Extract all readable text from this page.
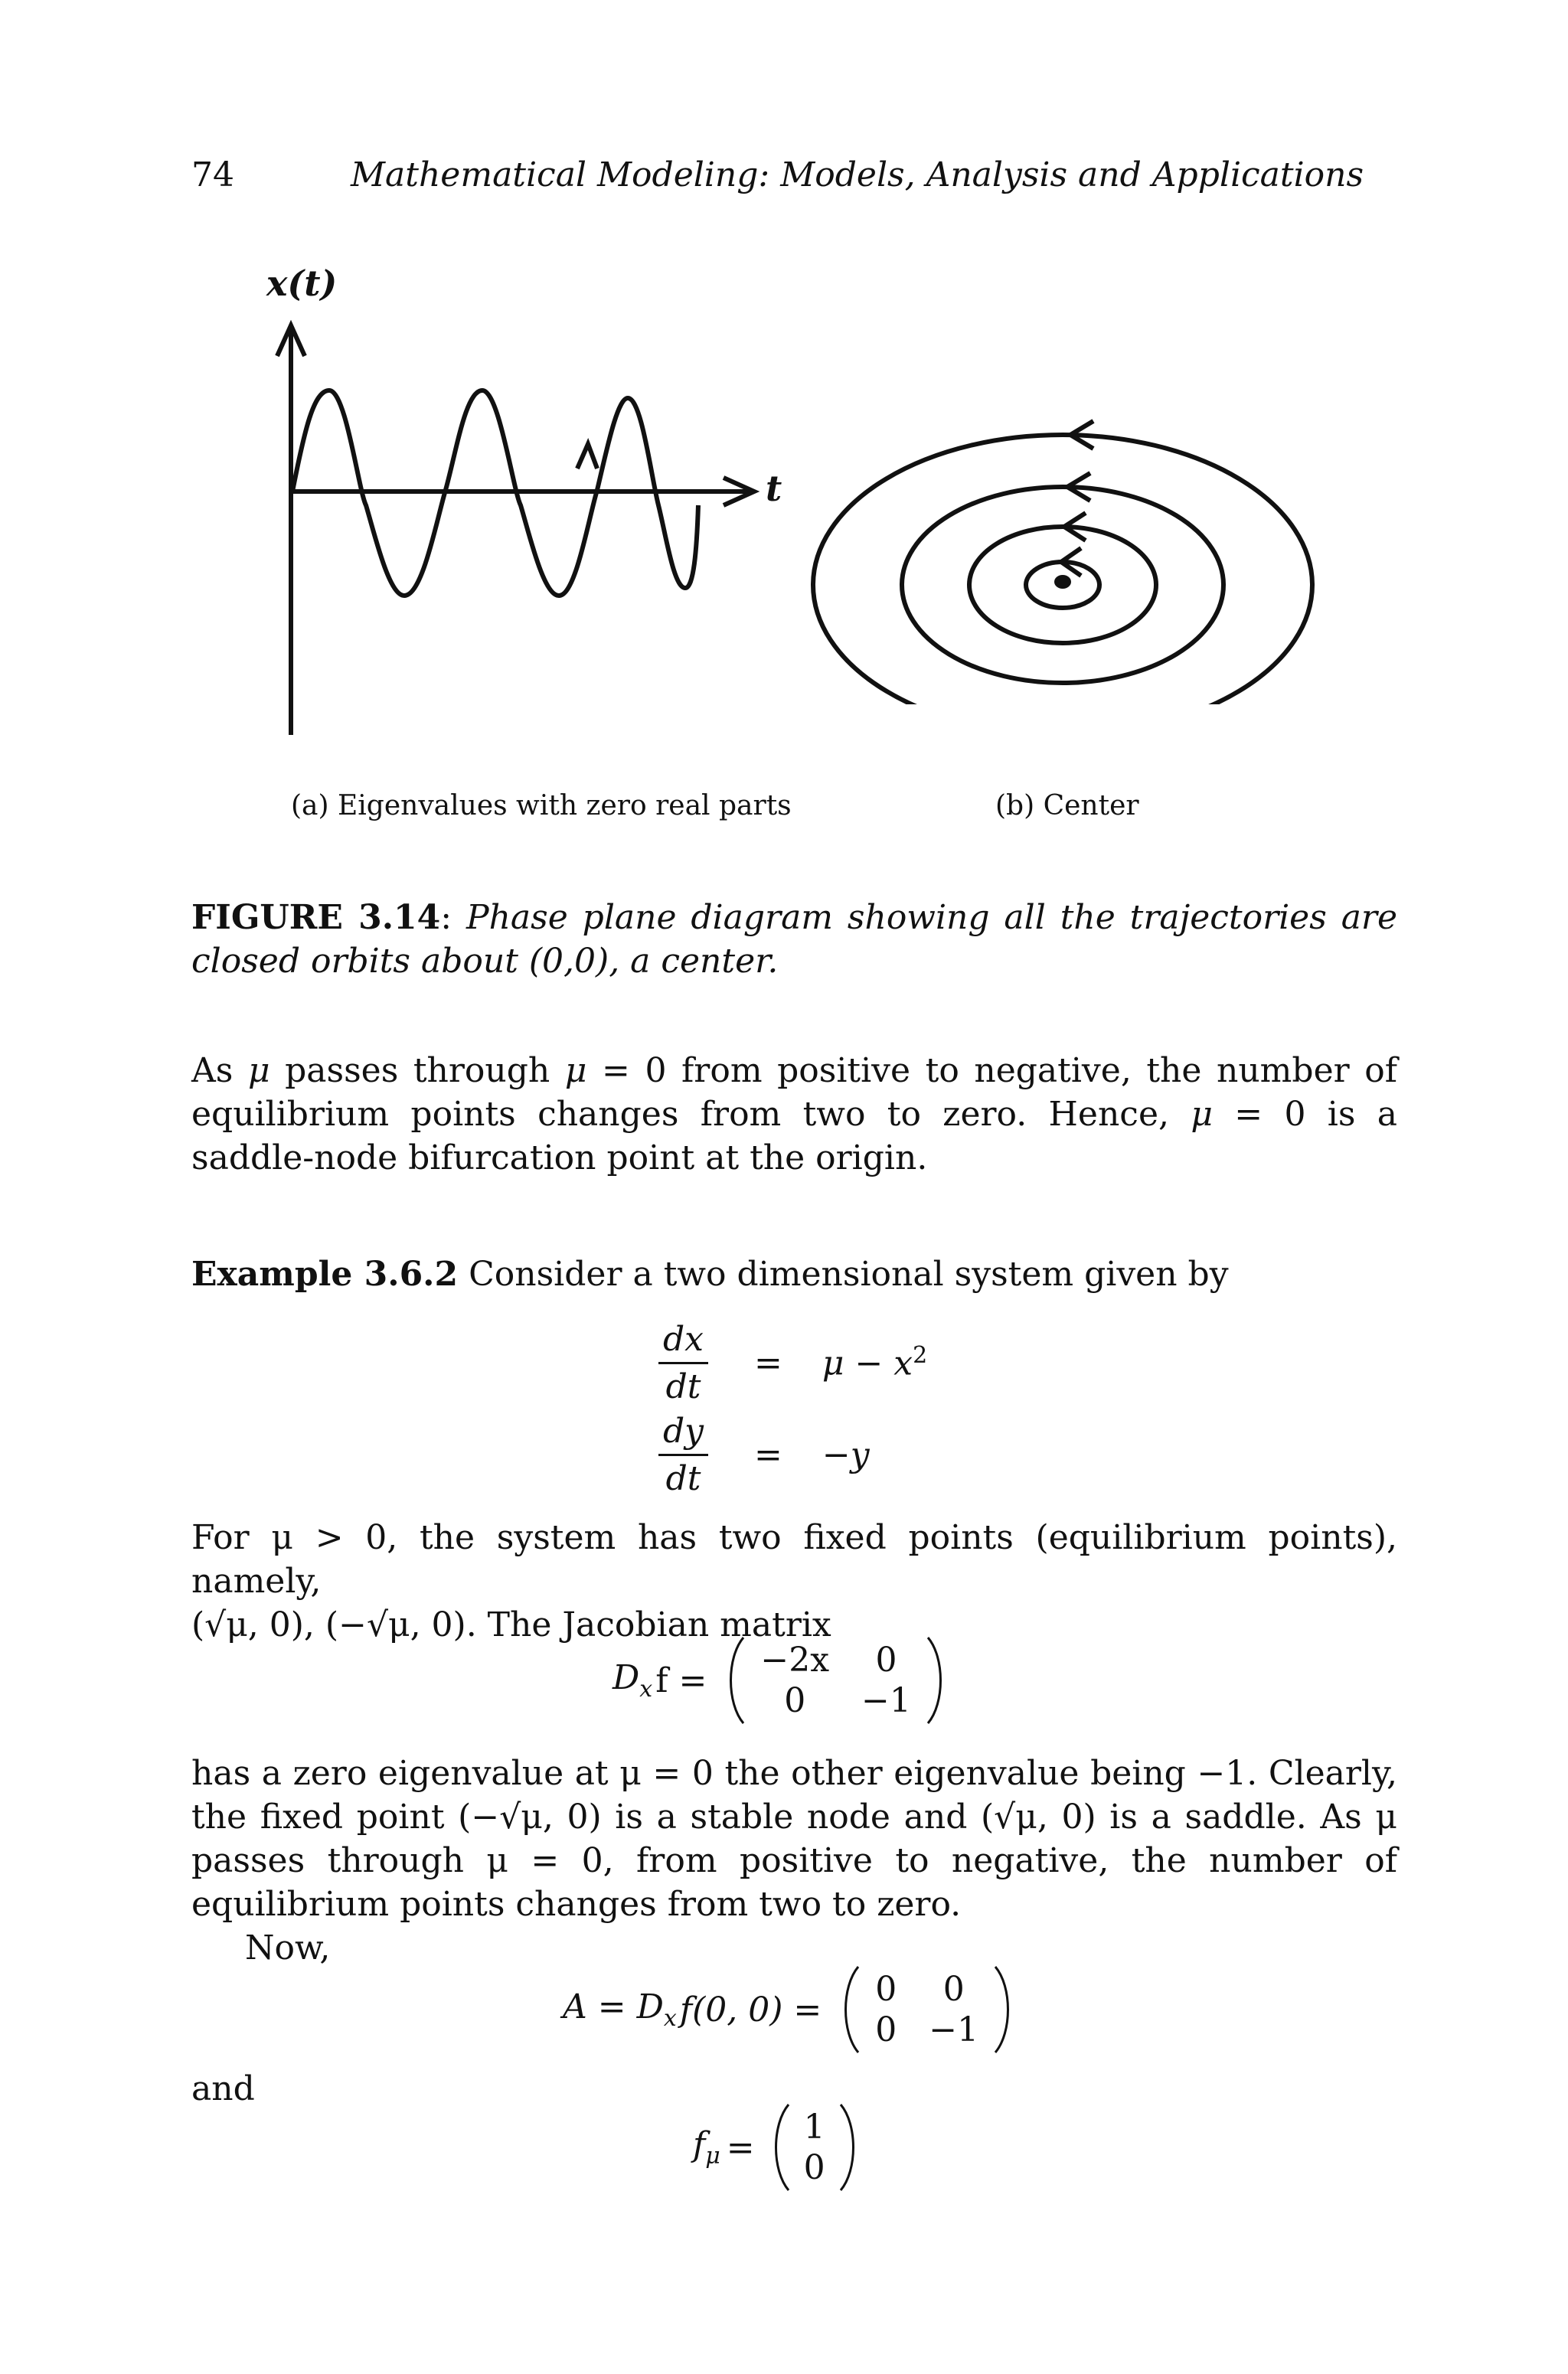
74	Mathematical Modeling: Models, Analysis and Applications
x(t)
t
(a) Eigenvalues with zero real parts	(b) Center
FIGURE 3.14: Phase plane diagram showing all the trajectories are closed orbits about (0,0), a center.
As μ passes through μ = 0 from positive to negative, the number of equilibrium points changes from two to zero. Hence, μ = 0 is a saddle-node bifurcation point at the origin.
Example 3.6.2 Consider a two dimensional system given by
$\frac{dx}{dt} = \mu - x^2$
$\frac{dy}{dt} = -y$
For μ > 0, the system has two fixed points (equilibrium points), namely,
(√μ, 0), (−√μ, 0). The Jacobian matrix
$D_x$ f =
−2x	0
0	−1
has a zero eigenvalue at μ = 0 the other eigenvalue being −1. Clearly, the fixed point (−√μ, 0) is a stable node and (√μ, 0) is a saddle. As μ passes through μ = 0, from positive to negative, the number of equilibrium points changes from two to zero.
Now,
$A = D_x$ f(0, 0) =
0	0
0 −1
and
$f_\mu$ =
1
0
